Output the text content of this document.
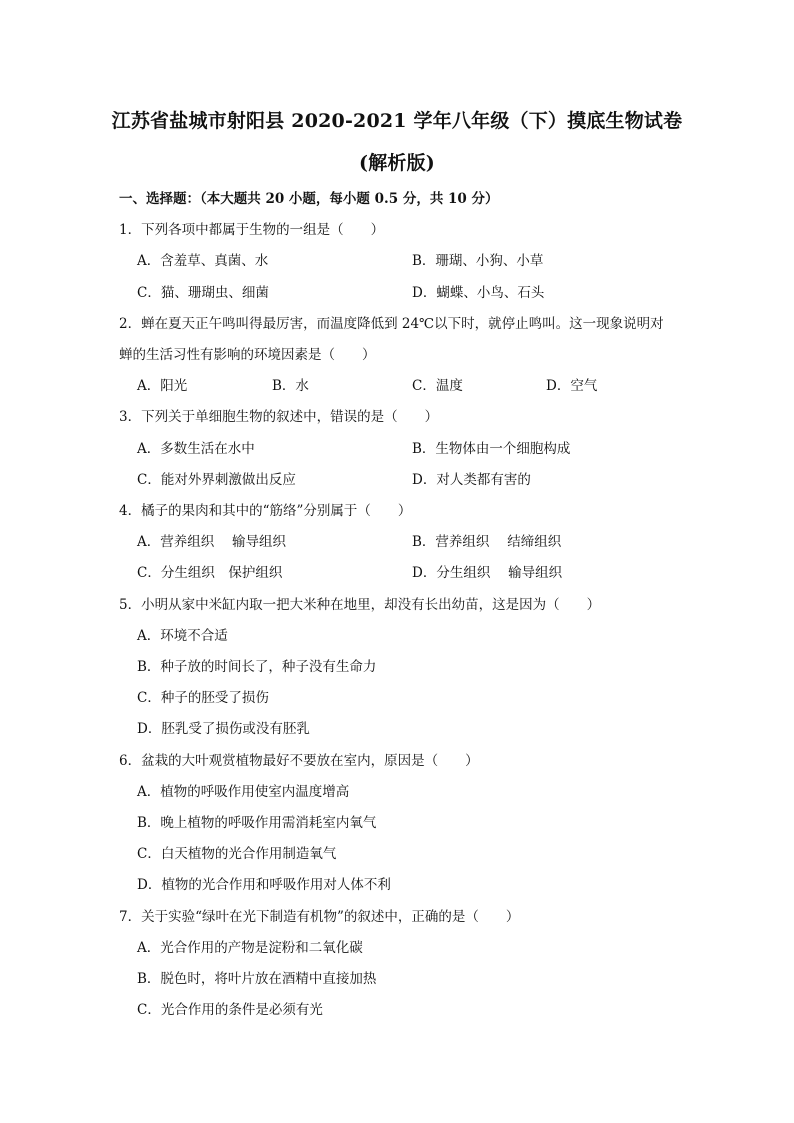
江苏省盐城市射阳县 2020-2021 学年八年级（下）摸底生物试卷
(解析版)
一、选择题：（本大题共 20 小题，每小题 0.5 分，共 10 分）
1．下列各项中都属于生物的一组是（　　）
A．含羞草、真菌、水	B．珊瑚、小狗、小草
C．猫、珊瑚虫、细菌	D．蝴蝶、小鸟、石头
2．蝉在夏天正午鸣叫得最厉害，而温度降低到 24℃以下时，就停止鸣叫。这一现象说明对
蝉的生活习性有影响的环境因素是（　　）
A．阳光	B．水	C．温度	D．空气
3．下列关于单细胞生物的叙述中，错误的是（　　）
A．多数生活在水中	B．生物体由一个细胞构成
C．能对外界刺激做出反应	D．对人类都有害的
4．橘子的果肉和其中的“筋络”分别属于（　　）
A．营养组织　 输导组织	B．营养组织　 结缔组织
C．分生组织　保护组织	D．分生组织　 输导组织
5．小明从家中米缸内取一把大米种在地里，却没有长出幼苗，这是因为（　　）
A．环境不合适
B．种子放的时间长了，种子没有生命力
C．种子的胚受了损伤
D．胚乳受了损伤或没有胚乳
6．盆栽的大叶观赏植物最好不要放在室内，原因是（　　）
A．植物的呼吸作用使室内温度增高
B．晚上植物的呼吸作用需消耗室内氧气
C．白天植物的光合作用制造氧气
D．植物的光合作用和呼吸作用对人体不利
7．关于实验“绿叶在光下制造有机物”的叙述中，正确的是（　　）
A．光合作用的产物是淀粉和二氧化碳
B．脱色时，将叶片放在酒精中直接加热
C．光合作用的条件是必须有光
